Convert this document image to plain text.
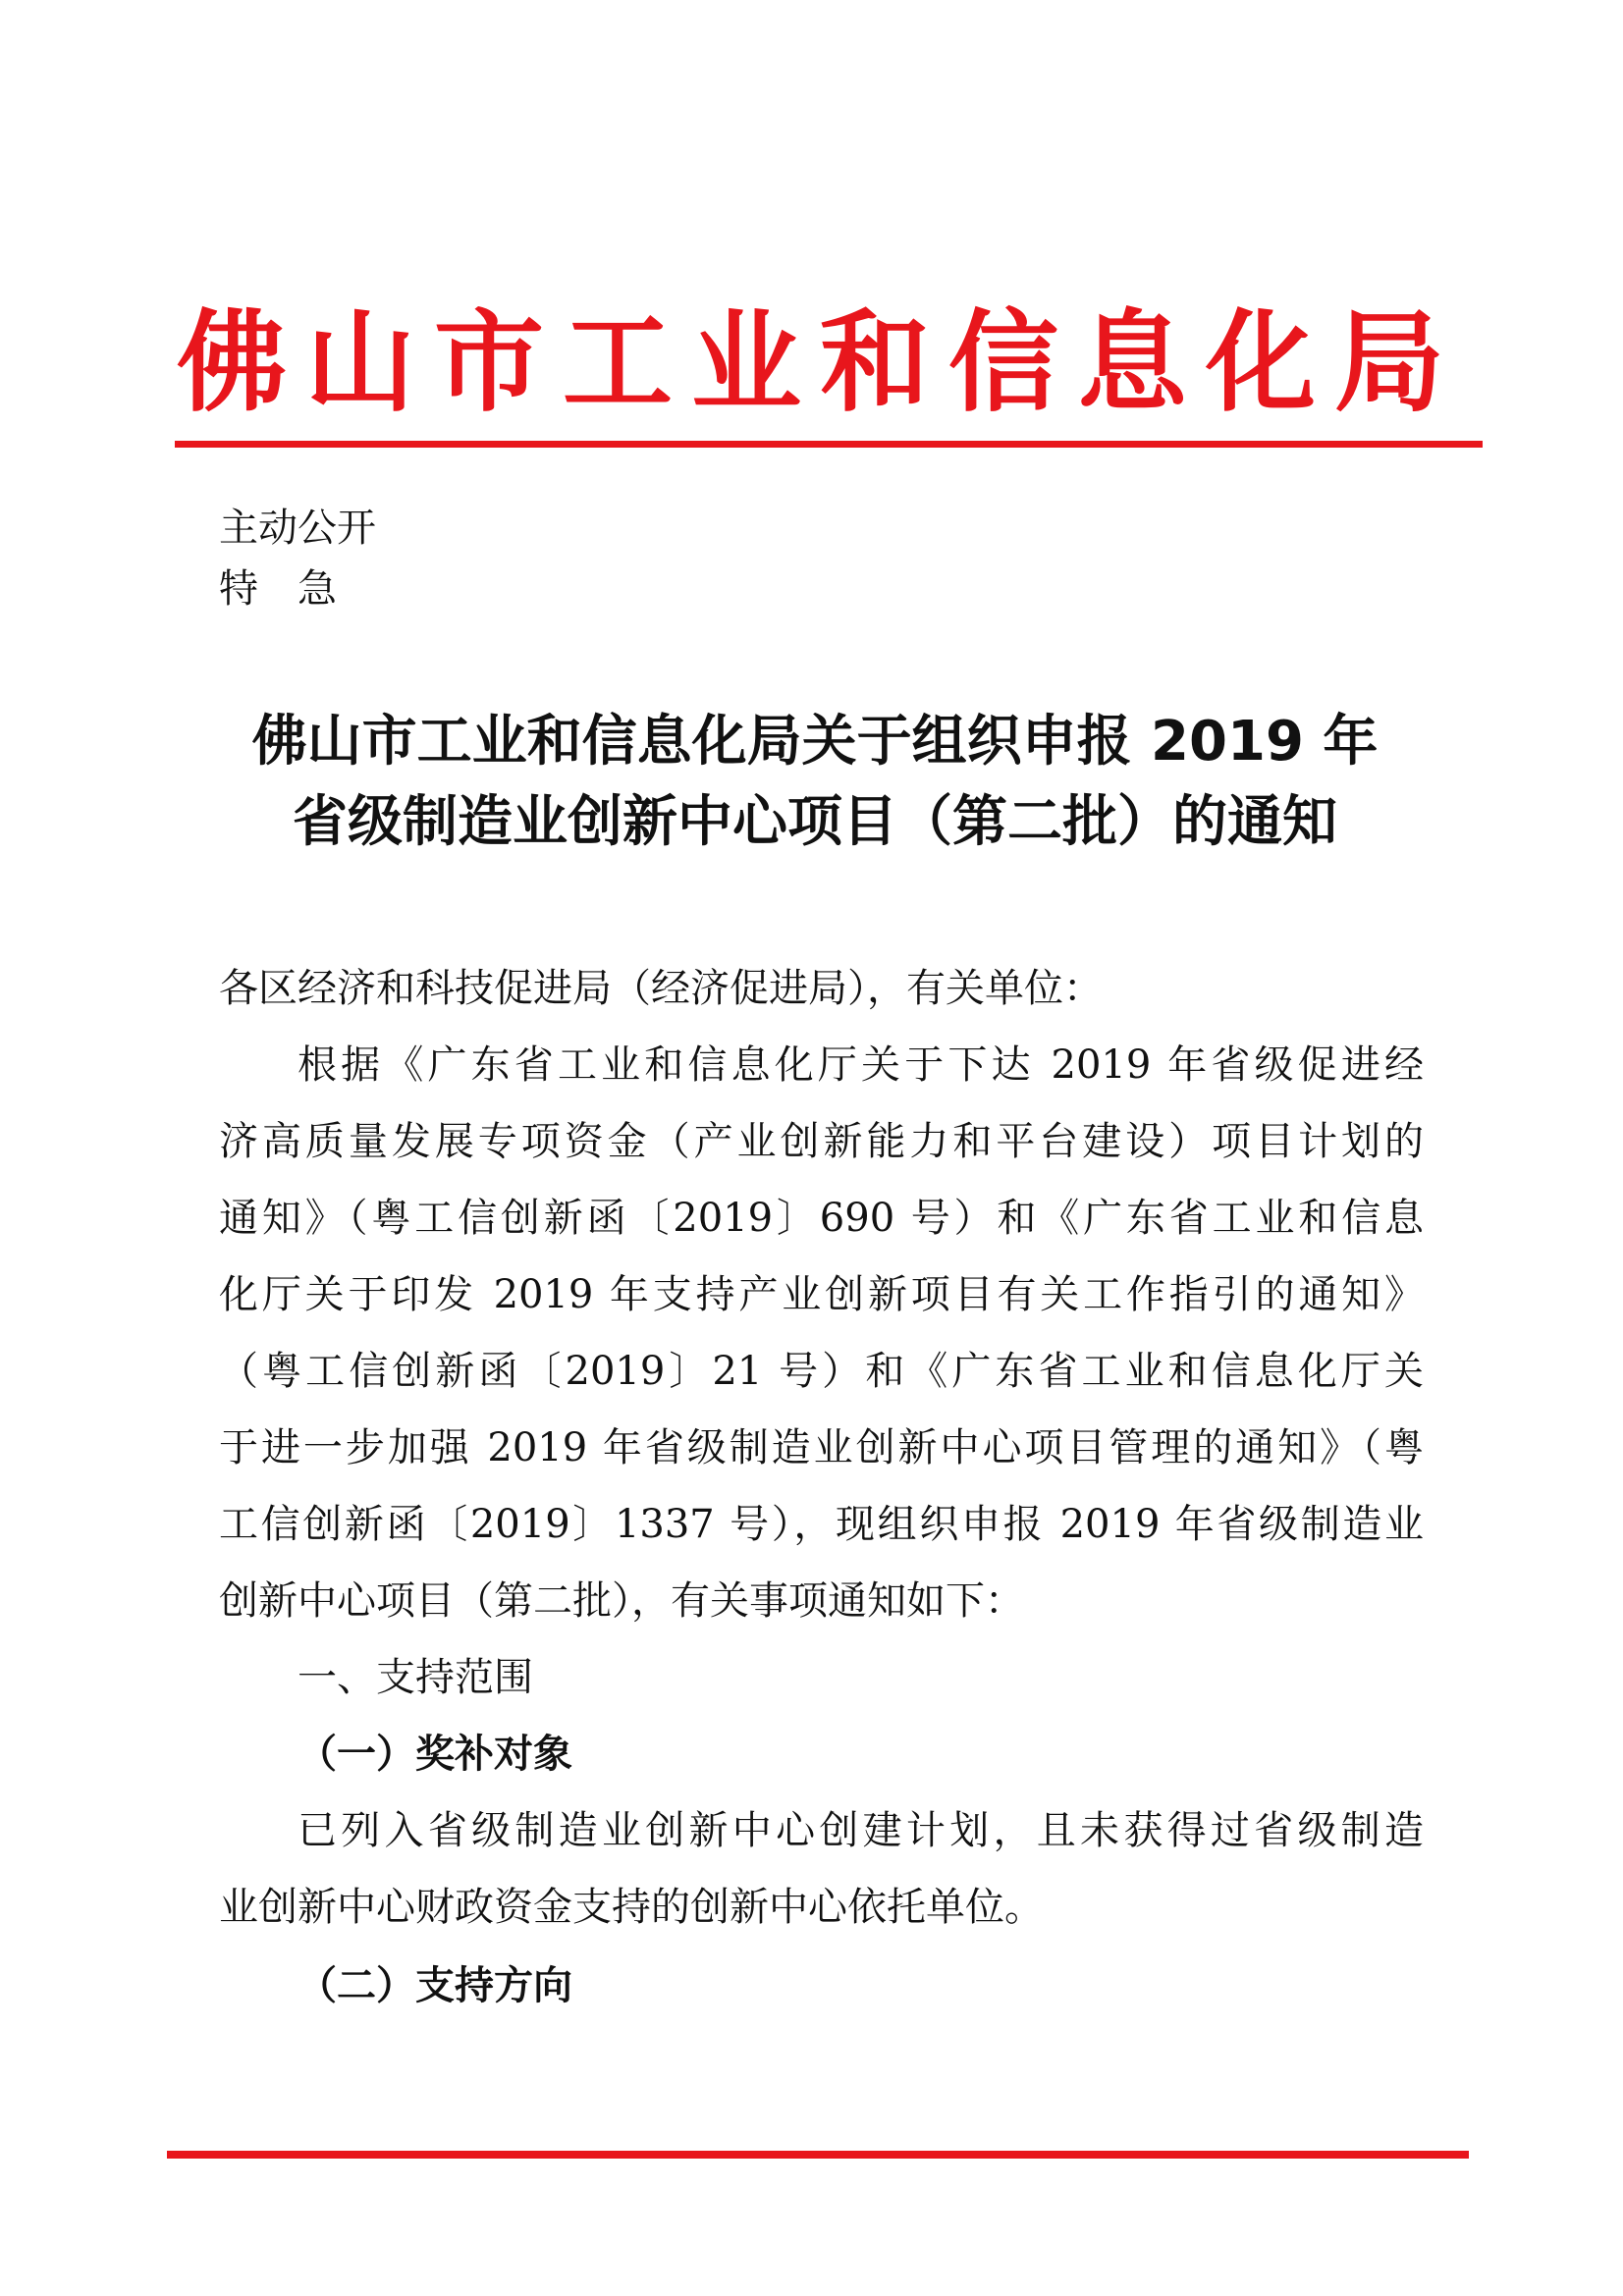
佛山市工业和信息化局
主动公开
特　急
佛山市工业和信息化局关于组织申报 2019 年
省级制造业创新中心项目（第二批）的通知
各区经济和科技促进局（经济促进局），有关单位：
根据《广东省工业和信息化厅关于下达 2019 年省级促进经
济高质量发展专项资金（产业创新能力和平台建设）项目计划的
通知》（粤工信创新函〔2019〕690 号）和《广东省工业和信息
化厅关于印发 2019 年支持产业创新项目有关工作指引的通知》
（粤工信创新函〔2019〕21 号）和《广东省工业和信息化厅关
于进一步加强 2019 年省级制造业创新中心项目管理的通知》（粤
工信创新函〔2019〕1337 号），现组织申报 2019 年省级制造业
创新中心项目（第二批），有关事项通知如下：
一、支持范围
（一）奖补对象
已列入省级制造业创新中心创建计划，且未获得过省级制造
业创新中心财政资金支持的创新中心依托单位。
（二）支持方向
